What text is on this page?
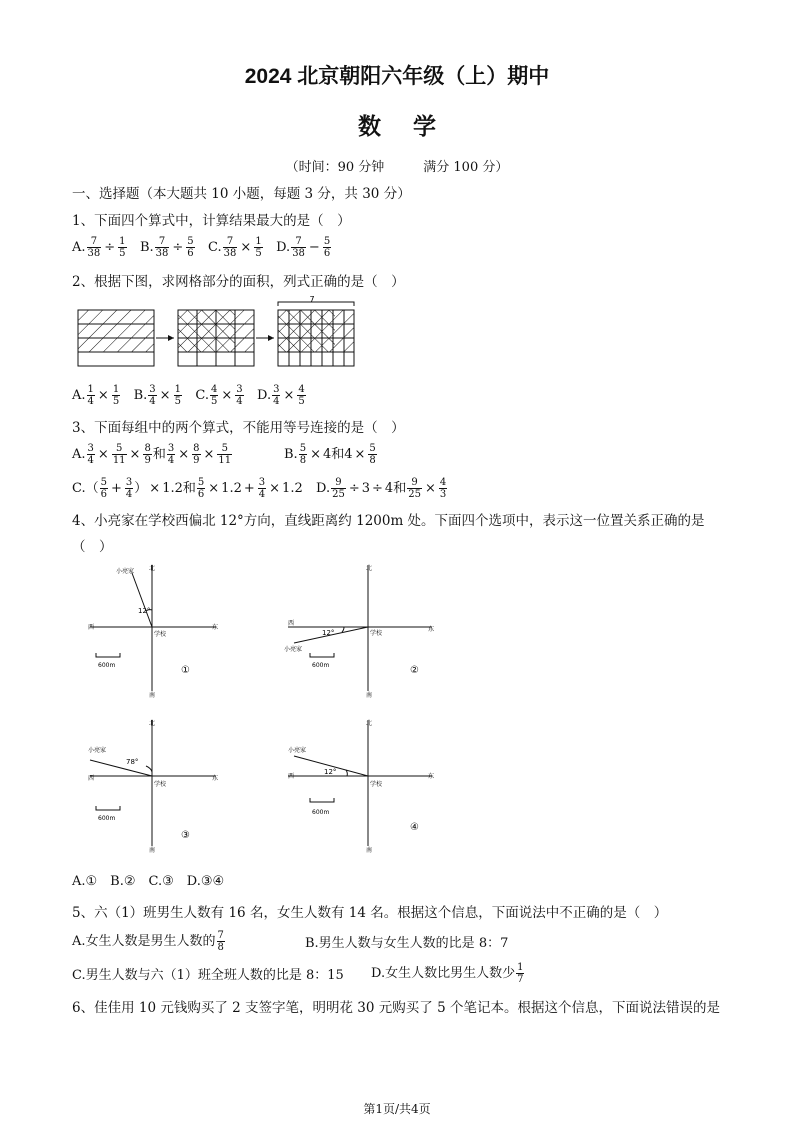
2024 北京朝阳六年级（上）期中
数学
（时间：90 分钟　　　满分 100 分）
一、选择题（本大题共 10 小题，每题 3 分，共 30 分）
1、下面四个算式中，计算结果最大的是（　）
A. $\frac{7}{38} \div \frac{1}{5} B$. $\frac{7}{38} \div \frac{5}{6} C$. $\frac{7}{38} \times \frac{1}{5} D$. $\frac{7}{38} - \frac{5}{6}$
2、根据下图，求网格部分的面积，列式正确的是（　）
7
A. $\frac{1}{4} \times \frac{1}{5} B$. $\frac{3}{4} \times \frac{1}{5} C$. $\frac{4}{5} \times \frac{3}{4} D$. $\frac{3}{4} \times \frac{4}{5}$
3、下面每组中的两个算式，不能用等号连接的是（　）
A. $\frac{3}{4} \times \frac{5}{11} \times \frac{8}{9}$ 和 $\frac{3}{4} \times \frac{8}{9} \times \frac{5}{11}$	B. $\frac{5}{8} \times 4$和$4 \times \frac{5}{8}$
$C.( \frac{5}{6} + \frac{3}{4}$ ） × 1.2和 $\frac{5}{6} \times 1.2 + \frac{3}{4} \times 1.2$ D. $\frac{9}{25} \div 3 \div 4$和 $\frac{9}{25} \times \frac{4}{3}$
4、小亮家在学校西偏北 12°方向，直线距离约 1200m 处。下面四个选项中，表示这一位置关系正确的是
（　）
北
南
西	东
学校
小亮家
12°
600m	①
北
南
西
东
学校
小亮家
12°
600m	②
北
南
西	东
学校
小亮家
78°
600m
③
北
南
西	东
学校
小亮家
12°
600m
④
A.①　B.②　C.③　D.③④
5、六（1）班男生人数有 16 名，女生人数有 14 名。根据这个信息，下面说法中不正确的是（　）
A.女生人数是男生人数的 $\frac{7}{8}$	B.男生人数与女生人数的比是 8：7
C.男生人数与六（1）班全班人数的比是 8：15 D.女生人数比男生人数少 $\frac{1}{7}$
6、佳佳用 10 元钱购买了 2 支签字笔，明明花 30 元购买了 5 个笔记本。根据这个信息，下面说法错误的是
第1页/共4页
